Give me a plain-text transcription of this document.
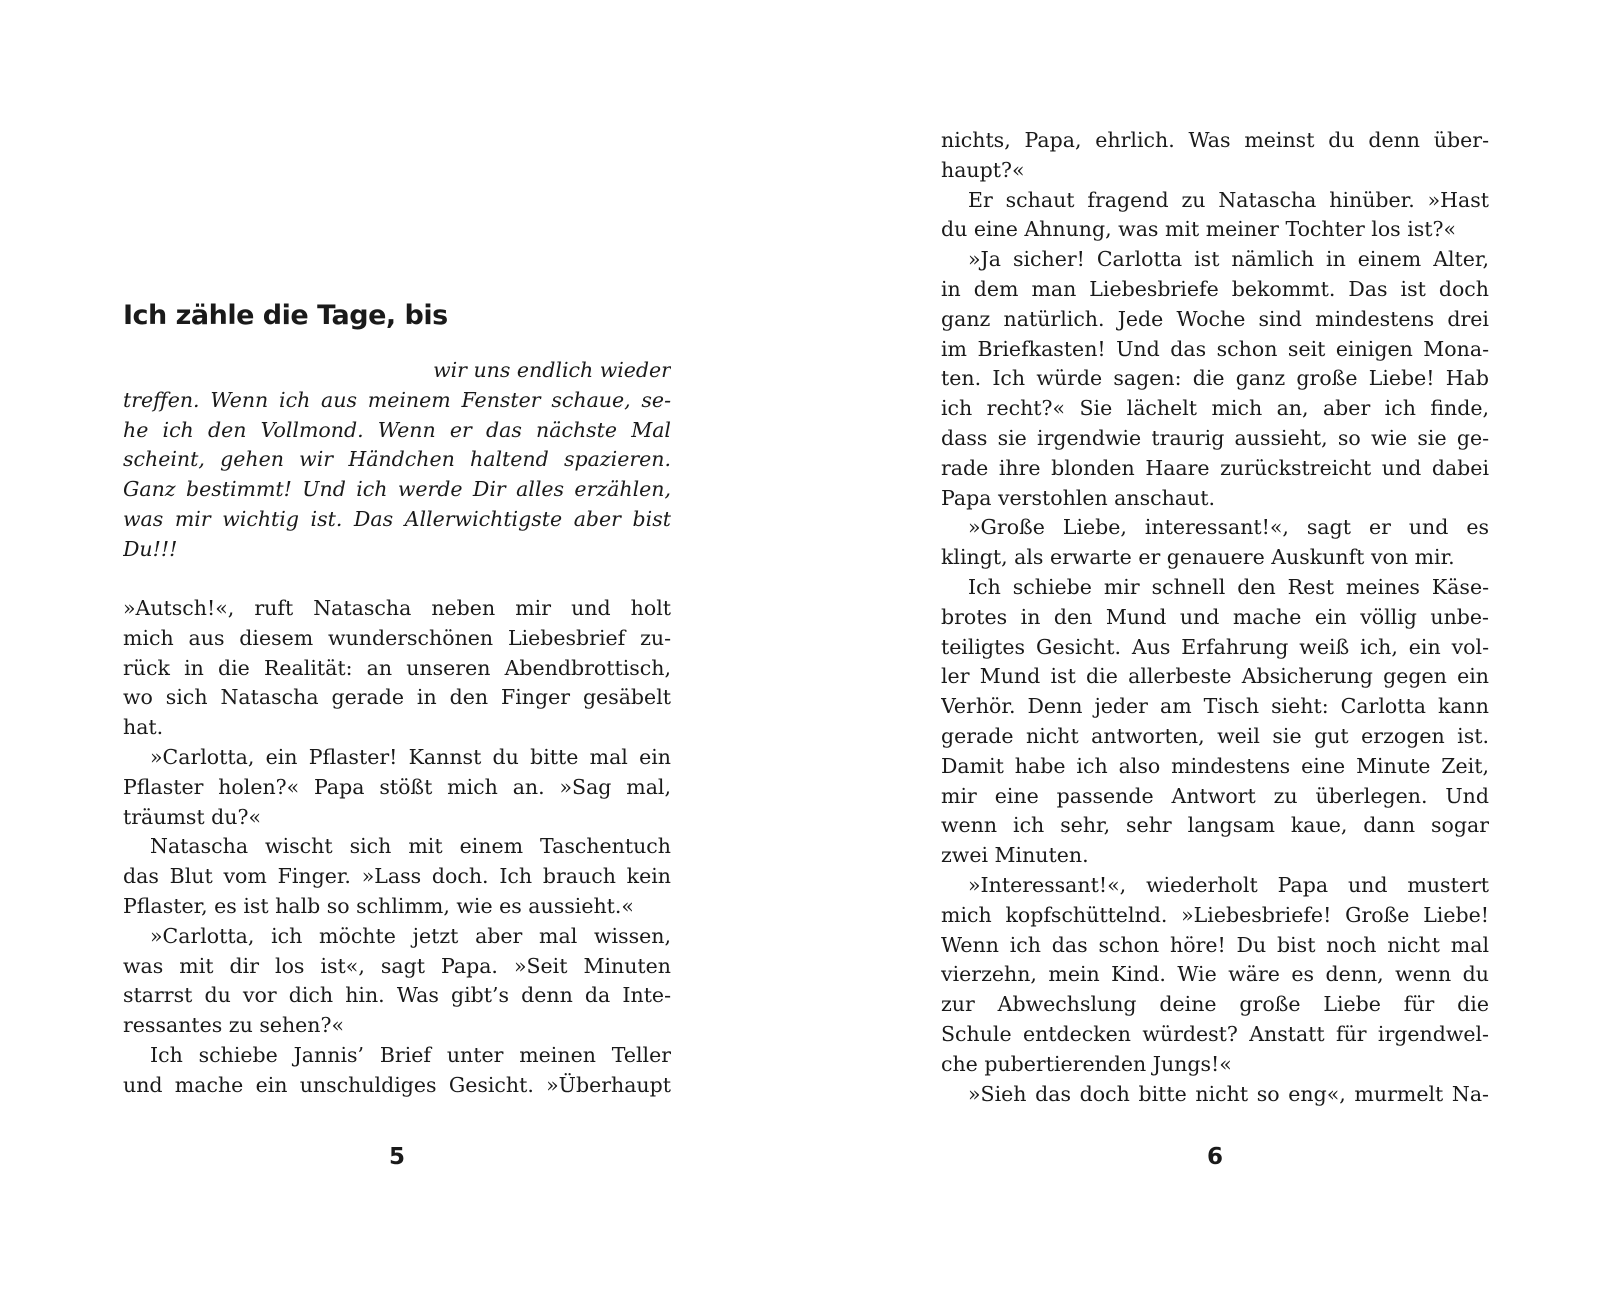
Ich zähle die Tage, bis
wir uns endlich wieder
treffen. Wenn ich aus meinem Fenster schaue, se-
he ich den Vollmond. Wenn er das nächste Mal
scheint, gehen wir Händchen haltend spazieren.
Ganz bestimmt! Und ich werde Dir alles erzählen,
was mir wichtig ist. Das Allerwichtigste aber bist
Du!!!
»Autsch!«, ruft Natascha neben mir und holt
mich aus diesem wunderschönen Liebesbrief zu-
rück in die Realität: an unseren Abendbrottisch,
wo sich Natascha gerade in den Finger gesäbelt
hat.
»Carlotta, ein Pflaster! Kannst du bitte mal ein
Pflaster holen?« Papa stößt mich an. »Sag mal,
träumst du?«
Natascha wischt sich mit einem Taschentuch
das Blut vom Finger. »Lass doch. Ich brauch kein
Pflaster, es ist halb so schlimm, wie es aussieht.«
»Carlotta, ich möchte jetzt aber mal wissen,
was mit dir los ist«, sagt Papa. »Seit Minuten
starrst du vor dich hin. Was gibt’s denn da Inte-
ressantes zu sehen?«
Ich schiebe Jannis’ Brief unter meinen Teller
und mache ein unschuldiges Gesicht. »Überhaupt
5
nichts, Papa, ehrlich. Was meinst du denn über-
haupt?«
Er schaut fragend zu Natascha hinüber. »Hast
du eine Ahnung, was mit meiner Tochter los ist?«
»Ja sicher! Carlotta ist nämlich in einem Alter,
in dem man Liebesbriefe bekommt. Das ist doch
ganz natürlich. Jede Woche sind mindestens drei
im Briefkasten! Und das schon seit einigen Mona-
ten. Ich würde sagen: die ganz große Liebe! Hab
ich recht?« Sie lächelt mich an, aber ich finde,
dass sie irgendwie traurig aussieht, so wie sie ge-
rade ihre blonden Haare zurückstreicht und dabei
Papa verstohlen anschaut.
»Große Liebe, interessant!«, sagt er und es
klingt, als erwarte er genauere Auskunft von mir.
Ich schiebe mir schnell den Rest meines Käse-
brotes in den Mund und mache ein völlig unbe-
teiligtes Gesicht. Aus Erfahrung weiß ich, ein vol-
ler Mund ist die allerbeste Absicherung gegen ein
Verhör. Denn jeder am Tisch sieht: Carlotta kann
gerade nicht antworten, weil sie gut erzogen ist.
Damit habe ich also mindestens eine Minute Zeit,
mir eine passende Antwort zu überlegen. Und
wenn ich sehr, sehr langsam kaue, dann sogar
zwei Minuten.
»Interessant!«, wiederholt Papa und mustert
mich kopfschüttelnd. »Liebesbriefe! Große Liebe!
Wenn ich das schon höre! Du bist noch nicht mal
vierzehn, mein Kind. Wie wäre es denn, wenn du
zur Abwechslung deine große Liebe für die
Schule entdecken würdest? Anstatt für irgendwel-
che pubertierenden Jungs!«
»Sieh das doch bitte nicht so eng«, murmelt Na-
6
